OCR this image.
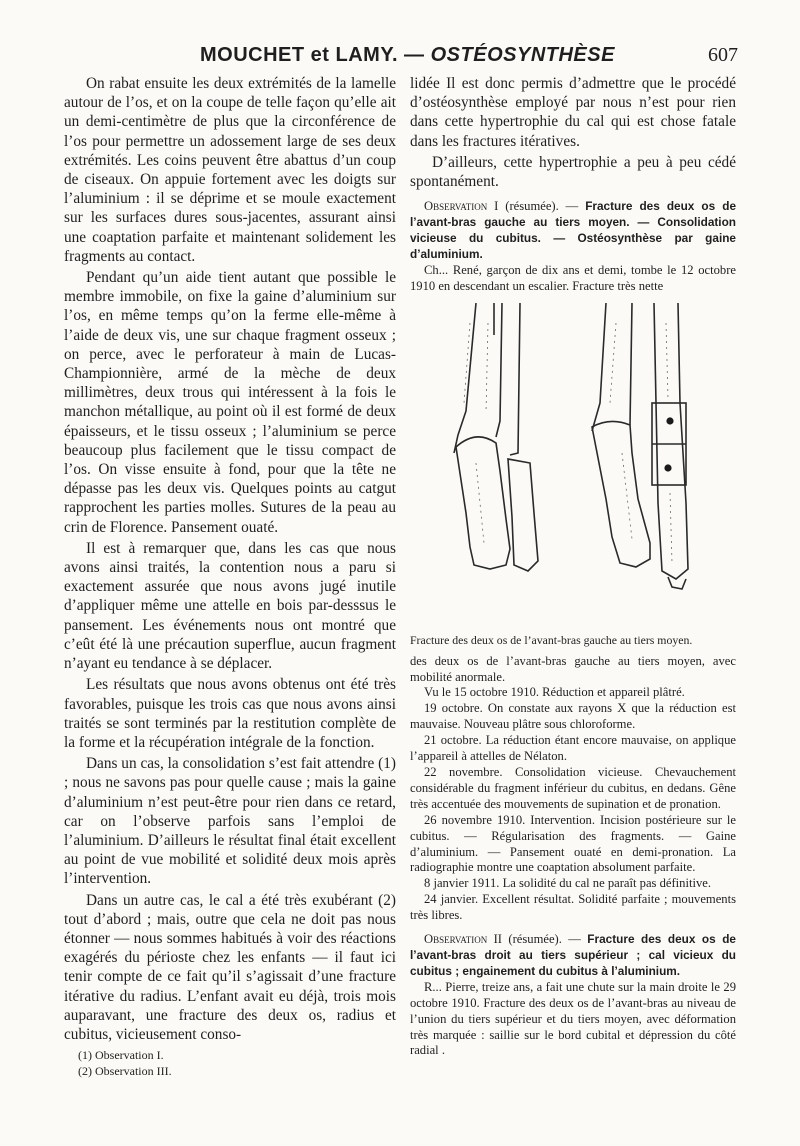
MOUCHET et LAMY. — OSTÉOSYNTHÈSE	607

On rabat ensuite les deux extrémités de la lamelle autour de l’os, et on la coupe de telle façon qu’elle ait un demi-centimètre de plus que la circonférence de l’os pour permettre un adossement large de ses deux extrémités. Les coins peuvent être abattus d’un coup de ciseaux. On appuie fortement avec les doigts sur l’aluminium : il se déprime et se moule exactement sur les surfaces dures sous-jacentes, assurant ainsi une coaptation parfaite et maintenant solidement les fragments au contact.

Pendant qu’un aide tient autant que possible le membre immobile, on fixe la gaine d’aluminium sur l’os, en même temps qu’on la ferme elle-même à l’aide de deux vis, une sur chaque fragment osseux ; on perce, avec le perforateur à main de Lucas-Championnière, armé de la mèche de deux millimètres, deux trous qui intéressent à la fois le manchon métallique, au point où il est formé de deux épaisseurs, et le tissu osseux ; l’aluminium se perce beaucoup plus facilement que le tissu compact de l’os. On visse ensuite à fond, pour que la tête ne dépasse pas les deux vis. Quelques points au catgut rapprochent les parties molles. Sutures de la peau au crin de Florence. Pansement ouaté.

Il est à remarquer que, dans les cas que nous avons ainsi traités, la contention nous a paru si exactement assurée que nous avons jugé inutile d’appliquer même une attelle en bois par-desssus le pansement. Les événements nous ont montré que c’eût été là une précaution superflue, aucun fragment n’ayant eu tendance à se déplacer.

Les résultats que nous avons obtenus ont été très favorables, puisque les trois cas que nous avons ainsi traités se sont terminés par la restitution complète de la forme et la récupération intégrale de la fonction.

Dans un cas, la consolidation s’est fait attendre (1) ; nous ne savons pas pour quelle cause ; mais la gaine d’aluminium n’est peut-être pour rien dans ce retard, car on l’observe parfois sans l’emploi de l’aluminium. D’ailleurs le résultat final était excellent au point de vue mobilité et solidité deux mois après l’intervention.

Dans un autre cas, le cal a été très exubérant (2) tout d’abord ; mais, outre que cela ne doit pas nous étonner — nous sommes habitués à voir des réactions exagérés du périoste chez les enfants — il faut ici tenir compte de ce fait qu’il s’agissait d’une fracture itérative du radius. L’enfant avait eu déjà, trois mois auparavant, une fracture des deux os, radius et cubitus, vicieusement conso-

(1) Observation I.
(2) Observation III.

lidée Il est donc permis d’admettre que le procédé d’ostéosynthèse employé par nous n’est pour rien dans cette hypertrophie du cal qui est chose fatale dans les fractures itératives.

D’ailleurs, cette hypertrophie a peu à peu cédé spontanément.

Observation I (résumée). — Fracture des deux os de l’avant-bras gauche au tiers moyen. — Consolidation vicieuse du cubitus. — Ostéosynthèse par gaine d’aluminium.

Ch... René, garçon de dix ans et demi, tombe le 12 octobre 1910 en descendant un escalier. Fracture très nette

Fracture des deux os de l’avant-bras gauche au tiers moyen.

des deux os de l’avant-bras gauche au tiers moyen, avec mobilité anormale.

Vu le 15 octobre 1910. Réduction et appareil plâtré.

19 octobre. On constate aux rayons X que la réduction est mauvaise. Nouveau plâtre sous chloroforme.

21 octobre. La réduction étant encore mauvaise, on applique l’appareil à attelles de Nélaton.

22 novembre. Consolidation vicieuse. Chevauchement considérable du fragment inférieur du cubitus, en dedans. Gêne très accentuée des mouvements de supination et de pronation.

26 novembre 1910. Intervention. Incision postérieure sur le cubitus. — Régularisation des fragments. — Gaine d’aluminium. — Pansement ouaté en demi-pronation. La radiographie montre une coaptation absolument parfaite.

8 janvier 1911. La solidité du cal ne paraît pas définitive.

24 janvier. Excellent résultat. Solidité parfaite ; mouvements très libres.

Observation II (résumée). — Fracture des deux os de l’avant-bras droit au tiers supérieur ; cal vicieux du cubitus ; engainement du cubitus à l’aluminium.

R... Pierre, treize ans, a fait une chute sur la main droite le 29 octobre 1910. Fracture des deux os de l’avant-bras au niveau de l’union du tiers supérieur et du tiers moyen, avec déformation très marquée : saillie sur le bord cubital et dépression du côté radial .
